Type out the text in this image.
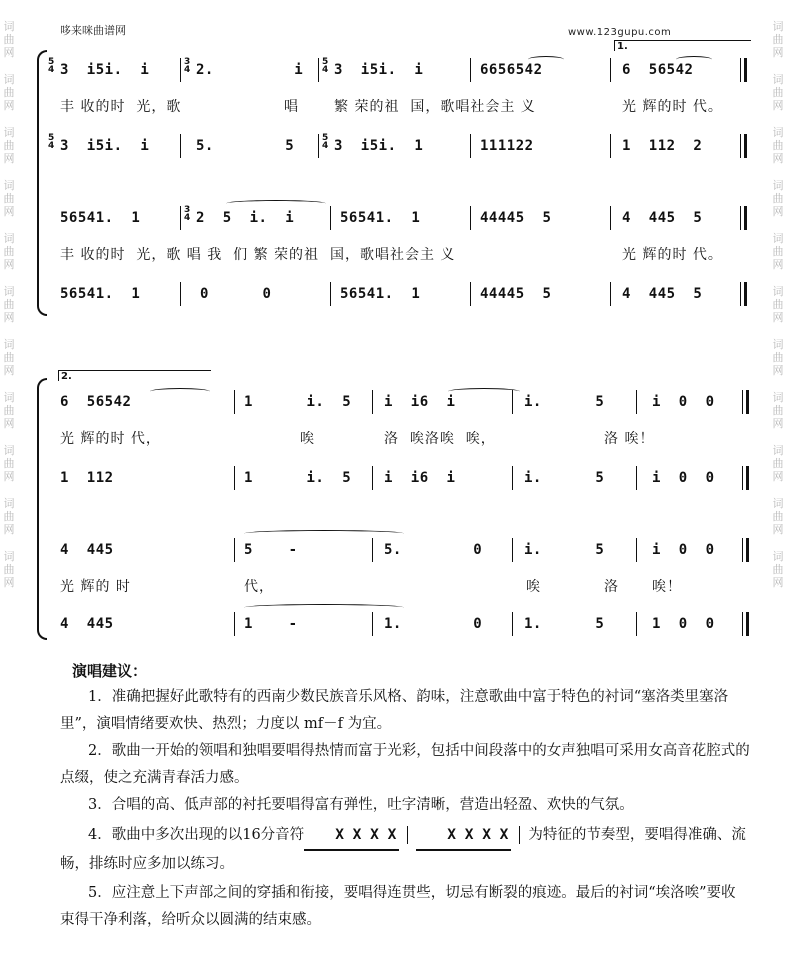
词
曲
网
词
曲
网
词
曲
网
词
曲
网
词
曲
网
词
曲
网
词
曲
网
词
曲
网
词
曲
网
词
曲
网
词
曲
网
词
曲
网
词
曲
网
词
曲
网
词
曲
网
词
曲
网
词
曲
网
词
曲
网
词
曲
网
词
曲
网
词
曲
网
词
曲
网
哆来咪曲谱网	www.123gupu.com
1.
5
4 3  i5i.  i	3
4 2.         i 5
4 3  i5i.  i	6656542	6  56542
丰 收的时  光，歌	唱	繁 荣的祖  国，歌唱社会主 义	光 辉的时 代。
5
4 3  i5i.  i	5.        5	5
4 3  i5i.  1	111122	1  112  2
56541.  1	3
4 2  5  i.  i	56541.  1	44445  5	4  445  5
丰 收的时  光，歌 唱 我  们 繁 荣的祖  国，歌唱社会主 义	光 辉的时 代。
56541.  1	0      0	56541.  1	44445  5	4  445  5
2.
6  56542	1      i.  5 i  i6  i	i.      5	i  0  0
光 辉的时 代，	唉	洛  唉洛唉  唉，	洛 唉！
1  112	1      i.  5 i  i6  i	i.      5	i  0  0
4  445	5    -	5.        0	i.      5	i  0  0
光 辉的 时	代，	唉	洛 唉！
4  445	1    -	1.        0	1.      5	1  0  0
演唱建议：
1．准确把握好此歌特有的西南少数民族音乐风格、韵味，注意歌曲中富于特色的衬词“塞洛类里塞洛里”，演唱情绪要欢快、热烈；力度以 mf－f 为宜。
2．歌曲一开始的领唱和独唱要唱得热情而富于光彩，包括中间段落中的女声独唱可采用女高音花腔式的点缀，使之充满青春活力感。
3．合唱的高、低声部的衬托要唱得富有弹性，吐字清晰，营造出轻盈、欢快的气氛。
4．歌曲中多次出现的以16分音符 X X X X	X X X X 为特征的节奏型，要唱得准确、流畅，排练时应多加以练习。
5．应注意上下声部之间的穿插和衔接，要唱得连贯些，切忌有断裂的痕迹。最后的衬词“埃洛唉”要收束得干净利落，给听众以圆满的结束感。
